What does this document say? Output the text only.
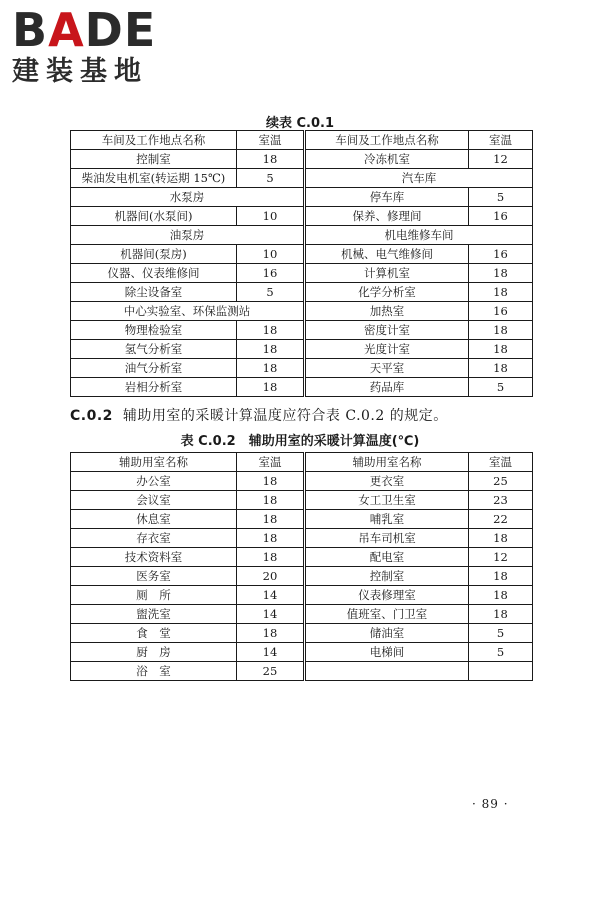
BADE
建装基地
续表 C.0.1
车间及工作地点名称	室温	车间及工作地点名称	室温
控制室	18	冷冻机室	12
柴油发电机室(转运期 15℃)	5	汽车库	
水泵房		停车库	5
机器间(水泵间)	10	保养、修理间	16
油泵房		机电维修车间	
机器间(泵房)	10	机械、电气维修间	16
仪器、仪表维修间	16	计算机室	18
除尘设备室	5	化学分析室	18
中心实验室、环保监测站		加热室	16
物理检验室	18	密度计室	18
氢气分析室	18	光度计室	18
油气分析室	18	天平室	18
岩相分析室	18	药品库	5
C.0.2 辅助用室的采暖计算温度应符合表 C.0.2 的规定。
表 C.0.2　辅助用室的采暖计算温度(℃)
辅助用室名称	室温	辅助用室名称	室温
办公室	18	更衣室	25
会议室	18	女工卫生室	23
休息室	18	哺乳室	22
存衣室	18	吊车司机室	18
技术资料室	18	配电室	12
医务室	20	控制室	18
厕　所	14	仪表修理室	18
盥洗室	14	值班室、门卫室	18
食　堂	18	储油室	5
厨　房	14	电梯间	5
浴　室	25		
· 89 ·
